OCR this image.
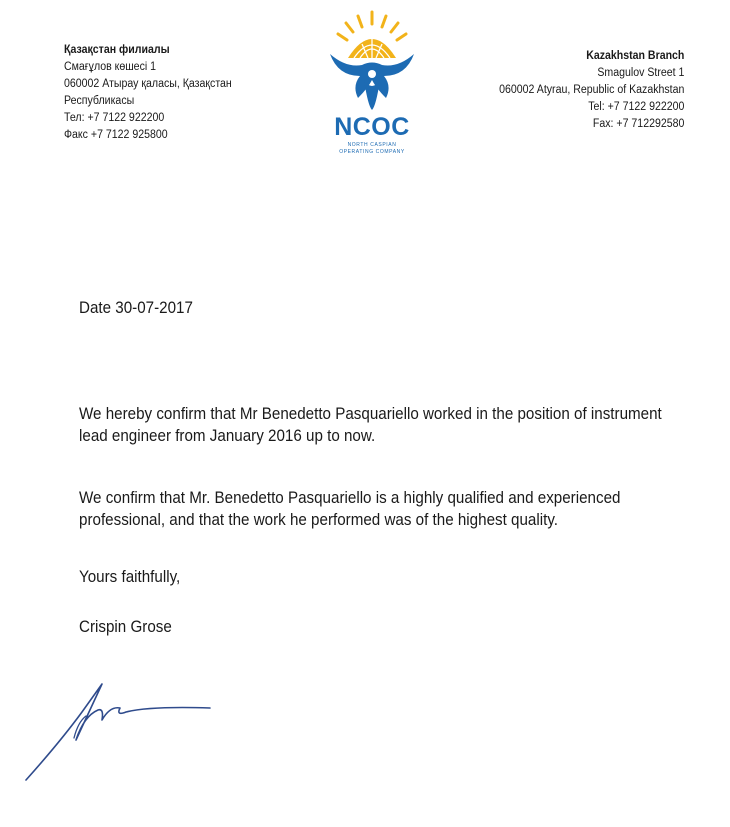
Қазақстан филиалы
Смағұлов көшесі 1
060002 Атырау қаласы, Қазақстан
Республикасы
Тел: +7 7122 922200
Факс +7 7122 925800	NCOC
NORTH CASPIAN
OPERATING COMPANY
Kazakhstan Branch
Smagulov Street 1
060002 Atyrau, Republic of Kazakhstan
Tel: +7 7122 922200
Fax: +7 712292580
Date 30-07-2017
We hereby confirm that Mr Benedetto Pasquariello worked in the position of instrument lead engineer from January 2016 up to now.
We confirm that Mr. Benedetto Pasquariello is a highly qualified and experienced professional, and that the work he performed was of the highest quality.
Yours faithfully,
Crispin Grose
